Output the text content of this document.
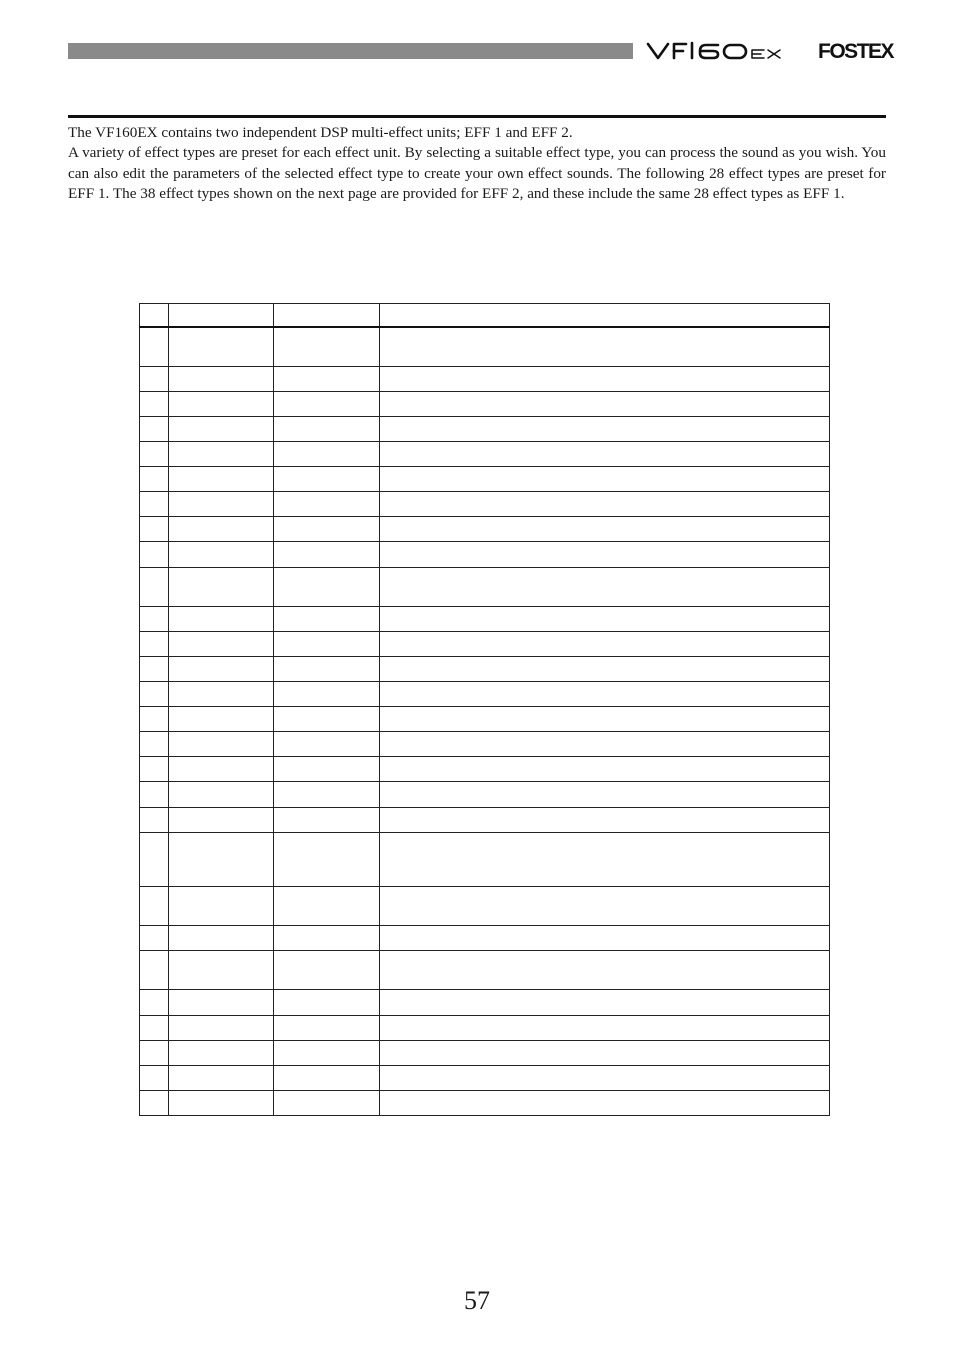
FOSTEX

The VF160EX contains two independent DSP multi-effect units; EFF 1 and EFF 2.

A variety of effect types are preset for each effect unit. By selecting a suitable effect type, you can process the sound as you wish. You can also edit the parameters of the selected effect type to create your own effect sounds. The following 28 effect types are preset for EFF 1. The 38 effect types shown on the next page are provided for EFF 2, and these include the same 28 effect types as EFF 1.

57
